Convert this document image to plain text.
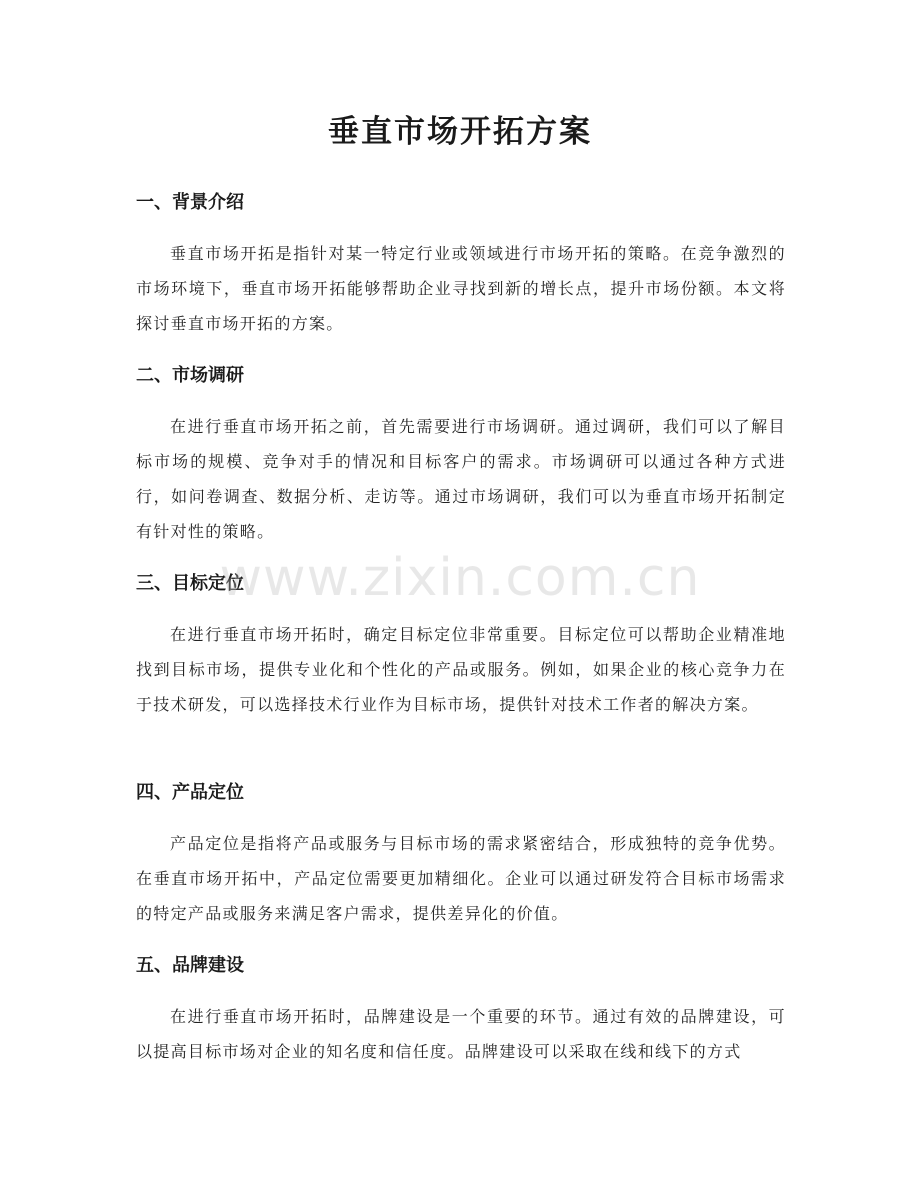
垂直市场开拓方案
一、背景介绍

垂直市场开拓是指针对某一特定行业或领域进行市场开拓的策略。在竞争激烈的市场环境下，垂直市场开拓能够帮助企业寻找到新的增长点，提升市场份额。本文将探讨垂直市场开拓的方案。

二、市场调研

在进行垂直市场开拓之前，首先需要进行市场调研。通过调研，我们可以了解目标市场的规模、竞争对手的情况和目标客户的需求。市场调研可以通过各种方式进行，如问卷调查、数据分析、走访等。通过市场调研，我们可以为垂直市场开拓制定有针对性的策略。

三、目标定位

在进行垂直市场开拓时，确定目标定位非常重要。目标定位可以帮助企业精准地找到目标市场，提供专业化和个性化的产品或服务。例如，如果企业的核心竞争力在于技术研发，可以选择技术行业作为目标市场，提供针对技术工作者的解决方案。

四、产品定位

产品定位是指将产品或服务与目标市场的需求紧密结合，形成独特的竞争优势。在垂直市场开拓中，产品定位需要更加精细化。企业可以通过研发符合目标市场需求的特定产品或服务来满足客户需求，提供差异化的价值。

五、品牌建设

在进行垂直市场开拓时，品牌建设是一个重要的环节。通过有效的品牌建设，可以提高目标市场对企业的知名度和信任度。品牌建设可以采取在线和线下的方式

www.zixin.com.cn
